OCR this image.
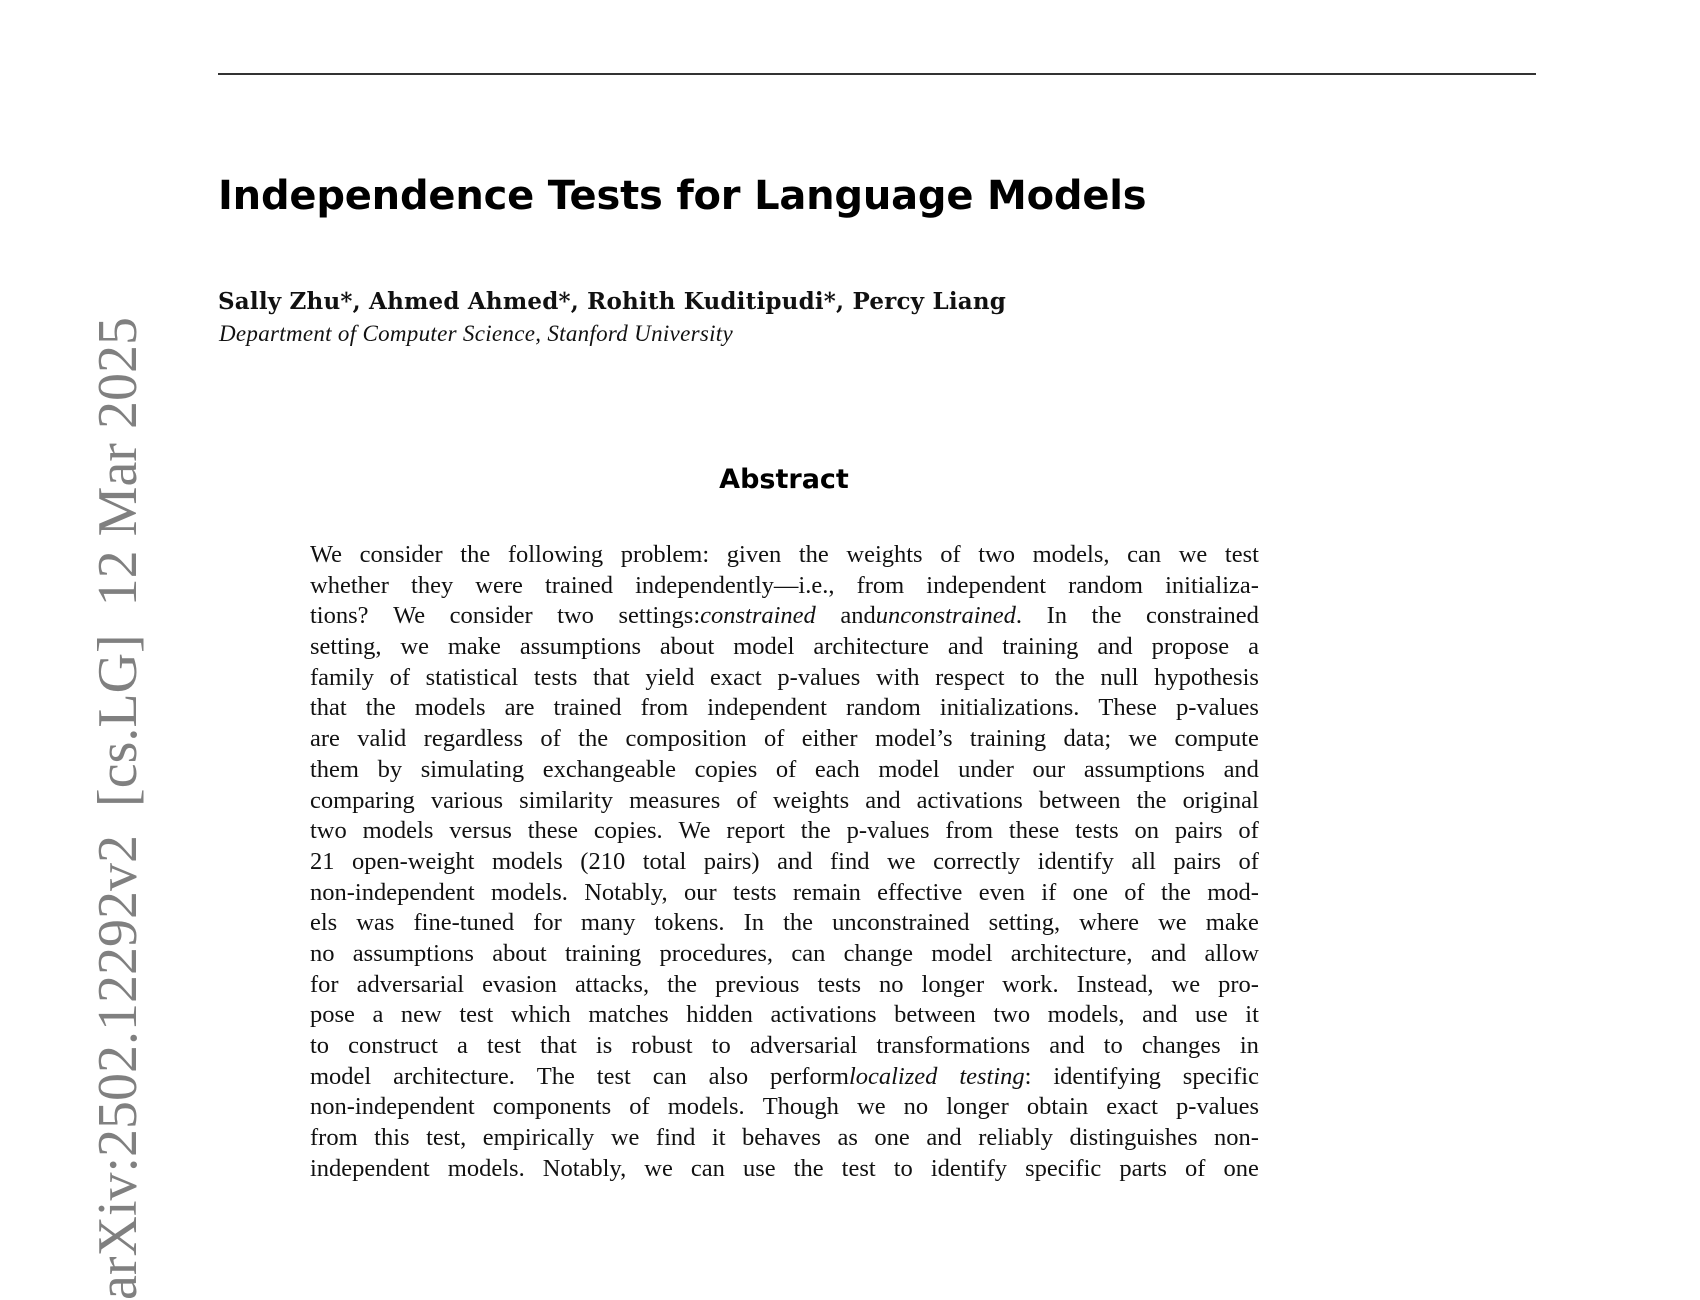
arXiv:2502.12292v2  [cs.LG]  12 Mar 2025
Independence Tests for Language Models
Sally Zhu*, Ahmed Ahmed*, Rohith Kuditipudi*, Percy Liang
Department of Computer Science, Stanford University
Abstract
We consider the following problem: given the weights of two models, can we test
whether they were trained independently—i.e., from independent random initializa-
tions? We consider two settings:constrained andunconstrained. In the constrained
setting, we make assumptions about model architecture and training and propose a
family of statistical tests that yield exact p-values with respect to the null hypothesis
that the models are trained from independent random initializations. These p-values
are valid regardless of the composition of either model’s training data; we compute
them by simulating exchangeable copies of each model under our assumptions and
comparing various similarity measures of weights and activations between the original
two models versus these copies. We report the p-values from these tests on pairs of
21 open-weight models (210 total pairs) and find we correctly identify all pairs of
non-independent models. Notably, our tests remain effective even if one of the mod-
els was fine-tuned for many tokens. In the unconstrained setting, where we make
no assumptions about training procedures, can change model architecture, and allow
for adversarial evasion attacks, the previous tests no longer work. Instead, we pro-
pose a new test which matches hidden activations between two models, and use it
to construct a test that is robust to adversarial transformations and to changes in
model architecture. The test can also performlocalized testing: identifying specific
non-independent components of models. Though we no longer obtain exact p-values
from this test, empirically we find it behaves as one and reliably distinguishes non-
independent models. Notably, we can use the test to identify specific parts of one
